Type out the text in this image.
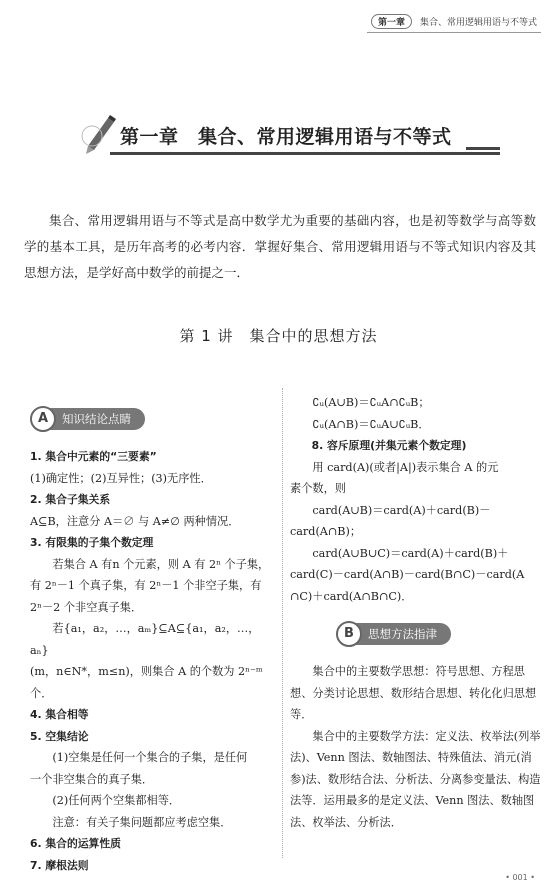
第一章	集合、常用逻辑用语与不等式
第一章　集合、常用逻辑用语与不等式
集合、常用逻辑用语与不等式是高中数学尤为重要的基础内容，也是初等数学与高等数学的基本工具，是历年高考的必考内容．掌握好集合、常用逻辑用语与不等式知识内容及其思想方法，是学好高中数学的前提之一．
第 1 讲　集合中的思想方法
A	知识结论点睛

1. 集合中元素的“三要素”

(1)确定性；(2)互异性；(3)无序性．

2. 集合子集关系

A⊆B，注意分 A＝∅ 与 A≠∅ 两种情况．

3. 有限集的子集个数定理

若集合 A 有n 个元素，则 A 有 2ⁿ 个子集，

有 2ⁿ－1 个真子集，有 2ⁿ－1 个非空子集，有

2ⁿ－2 个非空真子集．

若{a₁，a₂，…，aₘ}⊆A⊆{a₁，a₂，…，aₙ}

(m，n∈N*，m≤n)，则集合 A 的个数为 2ⁿ⁻ᵐ个．

4. 集合相等

5. 空集结论

(1)空集是任何一个集合的子集，是任何

一个非空集合的真子集．

(2)任何两个空集都相等．

注意：有关子集问题都应考虑空集．

6. 集合的运算性质

7. 摩根法则

∁ᵤ(A∪B)＝∁ᵤA∩∁ᵤB；

∁ᵤ(A∩B)＝∁ᵤA∪∁ᵤB．

8. 容斥原理(并集元素个数定理)

用 card(A)(或者|A|)表示集合 A 的元

素个数，则

card(A∪B)＝card(A)＋card(B)－

card(A∩B)；

card(A∪B∪C)＝card(A)＋card(B)＋

card(C)－card(A∩B)－card(B∩C)－card(A

∩C)＋card(A∩B∩C)．

B	思想方法指津

集合中的主要数学思想：符号思想、方程思想、分类讨论思想、数形结合思想、转化化归思想等．

集合中的主要数学方法：定义法、枚举法(列举法)、Venn 图法、数轴图法、特殊值法、消元(消参)法、数形结合法、分析法、分离参变量法、构造法等．运用最多的是定义法、Venn 图法、数轴图法、枚举法、分析法．

• 001 •
